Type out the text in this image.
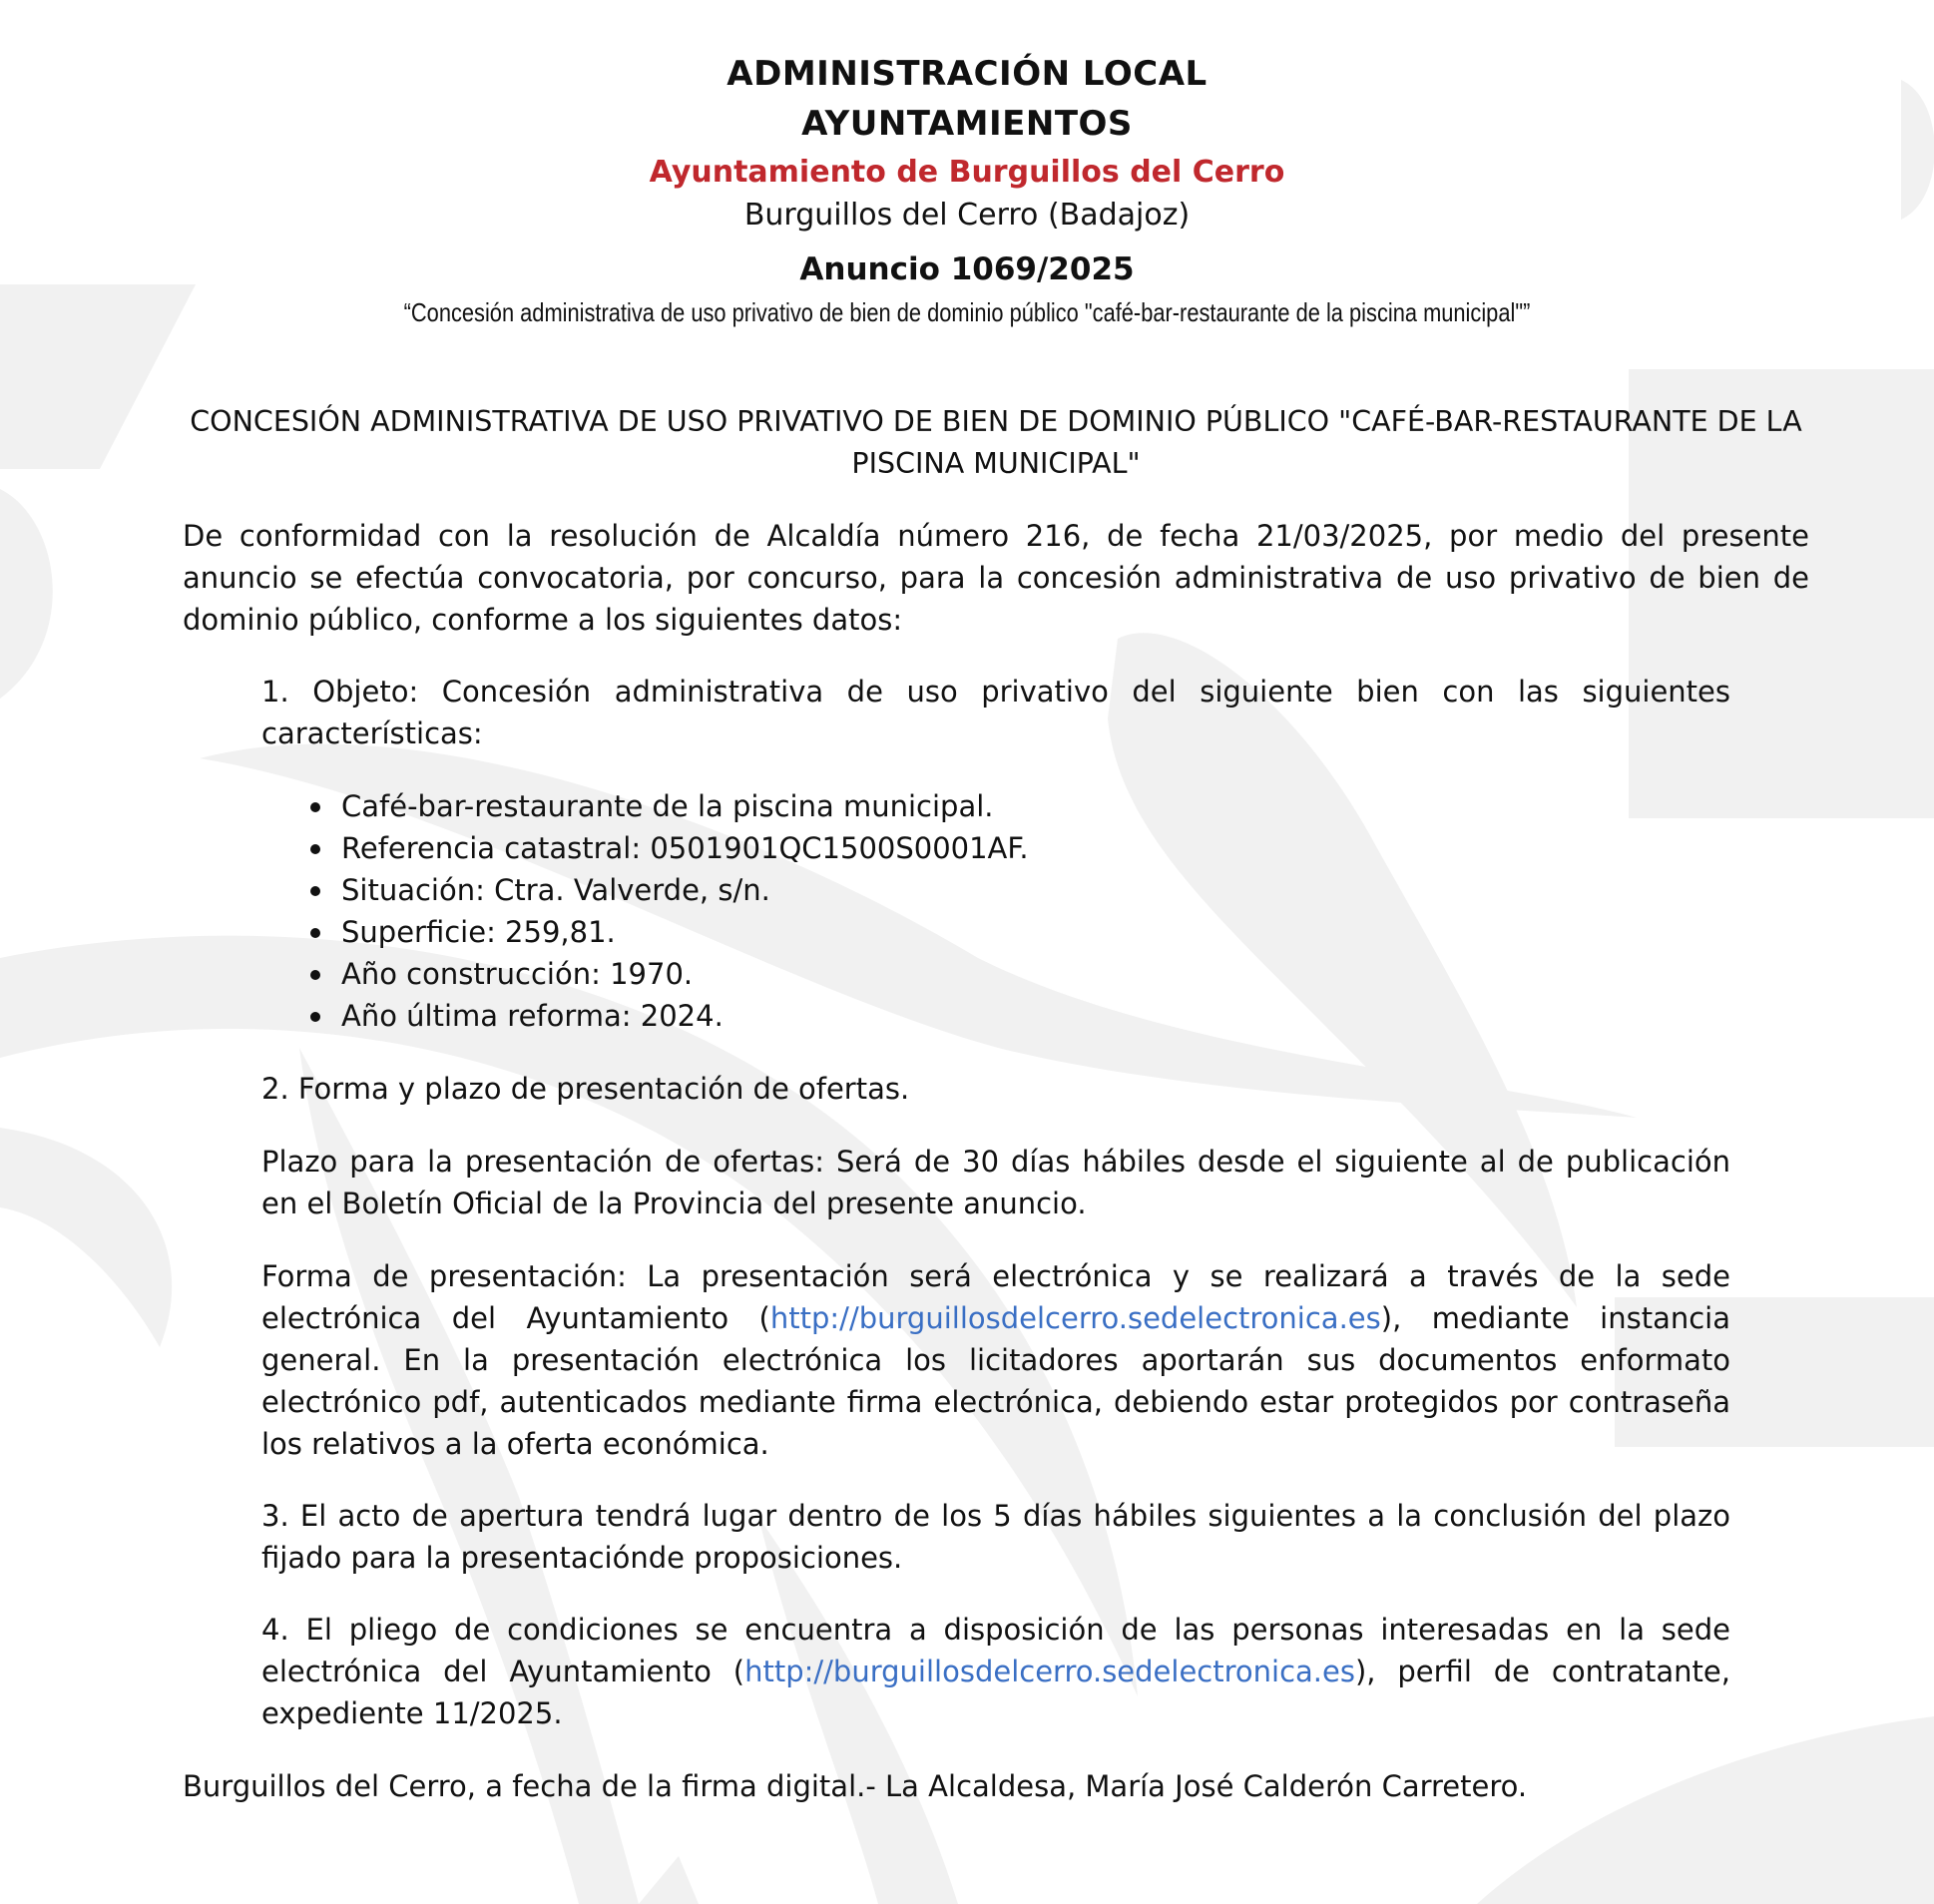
ADMINISTRACIÓN LOCAL
AYUNTAMIENTOS
Ayuntamiento de Burguillos del Cerro
Burguillos del Cerro (Badajoz)
Anuncio 1069/2025
“Concesión administrativa de uso privativo de bien de dominio público "café-bar-restaurante de la piscina municipal"”

CONCESIÓN ADMINISTRATIVA DE USO PRIVATIVO DE BIEN DE DOMINIO PÚBLICO "CAFÉ-BAR-RESTAURANTE DE LA PISCINA MUNICIPAL"

De conformidad con la resolución de Alcaldía número 216, de fecha 21/03/2025, por medio del presente anuncio se efectúa convocatoria, por concurso, para la concesión administrativa de uso privativo de bien de dominio público, conforme a los siguientes datos:

1. Objeto: Concesión administrativa de uso privativo del siguiente bien con las siguientes características:

Café-bar-restaurante de la piscina municipal.
Referencia catastral: 0501901QC1500S0001AF.
Situación: Ctra. Valverde, s/n.
Superficie: 259,81.
Año construcción: 1970.
Año última reforma: 2024.

2. Forma y plazo de presentación de ofertas.

Plazo para la presentación de ofertas: Será de 30 días hábiles desde el siguiente al de publicación en el Boletín Oficial de la Provincia del presente anuncio.

Forma de presentación: La presentación será electrónica y se realizará a través de la sede electrónica del Ayuntamiento (http://burguillosdelcerro.sedelectronica.es), mediante instancia general. En la presentación electrónica los licitadores aportarán sus documentos enformato electrónico pdf, autenticados mediante firma electrónica, debiendo estar protegidos por contraseña los relativos a la oferta económica.

3. El acto de apertura tendrá lugar dentro de los 5 días hábiles siguientes a la conclusión del plazo fijado para la presentaciónde proposiciones.

4. El pliego de condiciones se encuentra a disposición de las personas interesadas en la sede electrónica del Ayuntamiento (http://burguillosdelcerro.sedelectronica.es), perfil de contratante, expediente 11/2025.

Burguillos del Cerro, a fecha de la firma digital.- La Alcaldesa, María José Calderón Carretero.
